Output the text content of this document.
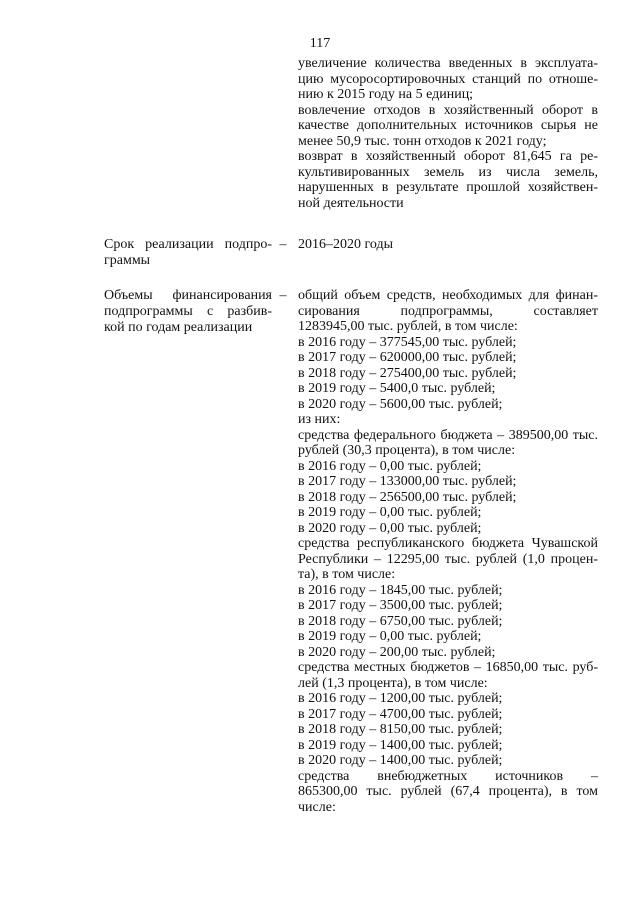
117
увеличение количества введенных в эксплуата-
цию мусоросортировочных станций по отноше-
нию к 2015 году на 5 единиц;
вовлечение отходов в хозяйственный оборот в
качестве дополнительных источников сырья не
менее 50,9 тыс. тонн отходов к 2021 году;
возврат в хозяйственный оборот 81,645 га ре-
культивированных земель из числа земель,
нарушенных в результате прошлой хозяйствен-
ной деятельности
Срок реализации подпро-
граммы
– 2016–2020 годы
Объемы финансирования
подпрограммы с разбив-
кой по годам реализации
– общий объем средств, необходимых для финан-
сирования подпрограммы, составляет
1283945,00 тыс. рублей, в том числе:
в 2016 году – 377545,00 тыс. рублей;
в 2017 году – 620000,00 тыс. рублей;
в 2018 году – 275400,00 тыс. рублей;
в 2019 году – 5400,0 тыс. рублей;
в 2020 году – 5600,00 тыс. рублей;
из них:
средства федерального бюджета – 389500,00 тыс.
рублей (30,3 процента), в том числе:
в 2016 году – 0,00 тыс. рублей;
в 2017 году – 133000,00 тыс. рублей;
в 2018 году – 256500,00 тыс. рублей;
в 2019 году – 0,00 тыс. рублей;
в 2020 году – 0,00 тыс. рублей;
средства республиканского бюджета Чувашской
Республики – 12295,00 тыс. рублей (1,0 процен-
та), в том числе:
в 2016 году – 1845,00 тыс. рублей;
в 2017 году – 3500,00 тыс. рублей;
в 2018 году – 6750,00 тыс. рублей;
в 2019 году – 0,00 тыс. рублей;
в 2020 году – 200,00 тыс. рублей;
средства местных бюджетов – 16850,00 тыс. руб-
лей (1,3 процента), в том числе:
в 2016 году – 1200,00 тыс. рублей;
в 2017 году – 4700,00 тыс. рублей;
в 2018 году – 8150,00 тыс. рублей;
в 2019 году – 1400,00 тыс. рублей;
в 2020 году – 1400,00 тыс. рублей;
средства внебюджетных источников –
865300,00 тыс. рублей (67,4 процента), в том
числе:
